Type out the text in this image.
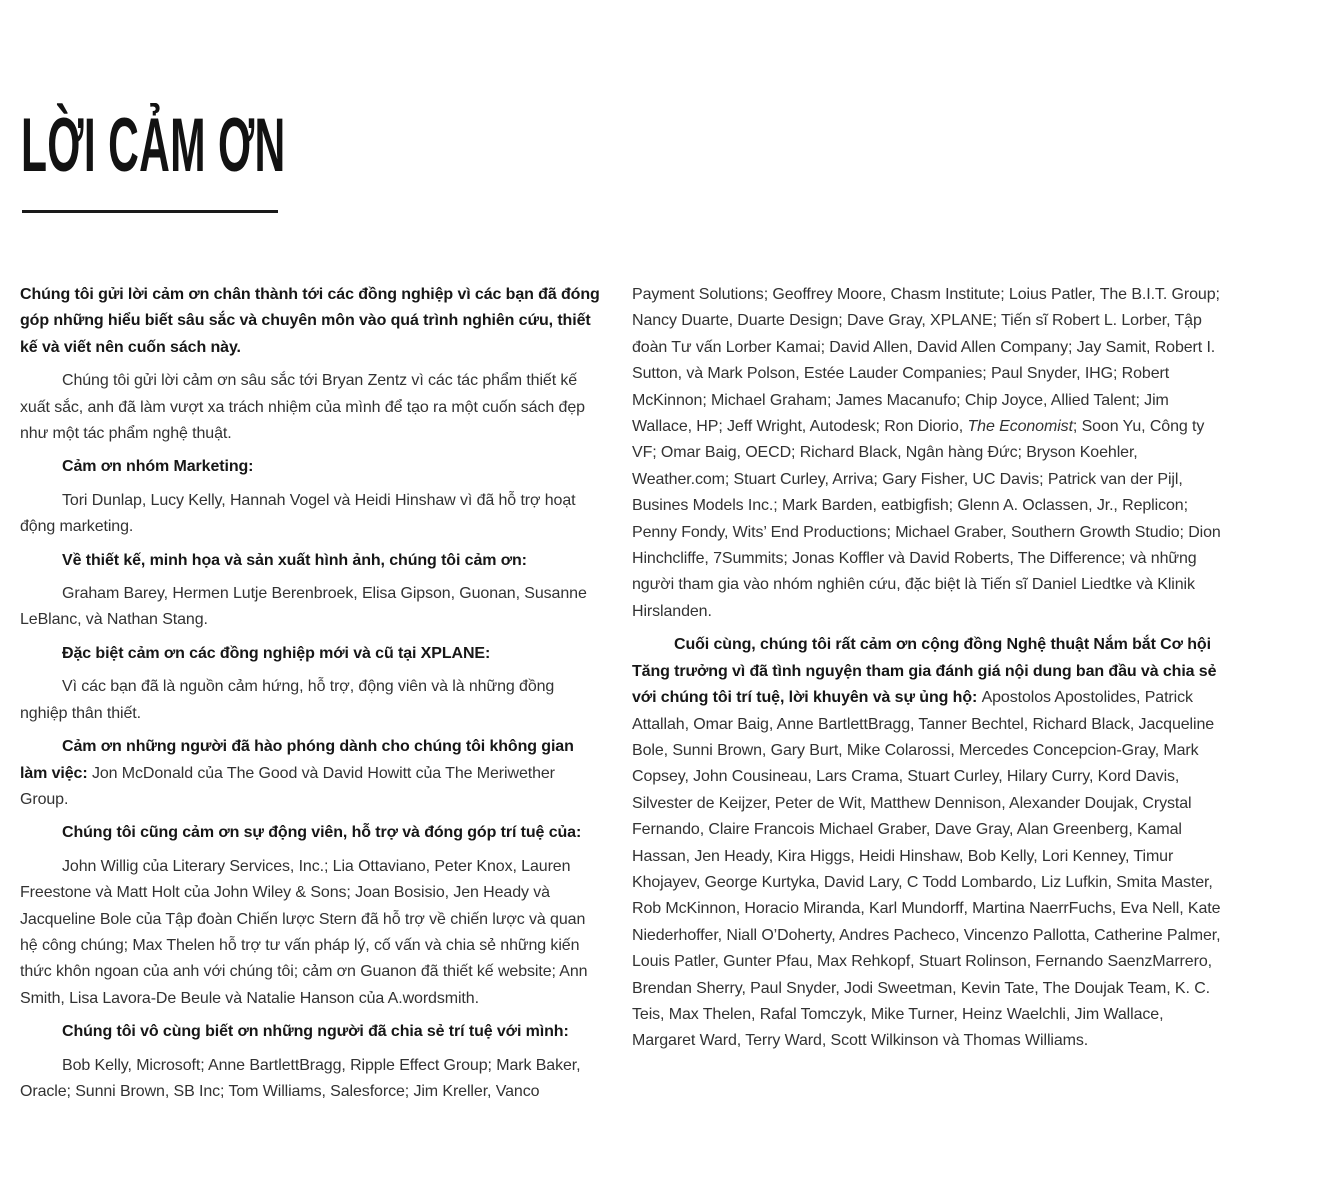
LỜI CẢM ƠN

Chúng tôi gửi lời cảm ơn chân thành tới các đồng nghiệp vì các bạn đã đóng góp những hiểu biết sâu sắc và chuyên môn vào quá trình nghiên cứu, thiết kế và viết nên cuốn sách này.

Chúng tôi gửi lời cảm ơn sâu sắc tới Bryan Zentz vì các tác phẩm thiết kế xuất sắc, anh đã làm vượt xa trách nhiệm của mình để tạo ra một cuốn sách đẹp như một tác phẩm nghệ thuật.

Cảm ơn nhóm Marketing:

Tori Dunlap, Lucy Kelly, Hannah Vogel và Heidi Hinshaw vì đã hỗ trợ hoạt động marketing.

Về thiết kế, minh họa và sản xuất hình ảnh, chúng tôi cảm ơn:

Graham Barey, Hermen Lutje Berenbroek, Elisa Gipson, Guonan, Susanne LeBlanc, và Nathan Stang.

Đặc biệt cảm ơn các đồng nghiệp mới và cũ tại XPLANE:

Vì các bạn đã là nguồn cảm hứng, hỗ trợ, động viên và là những đồng nghiệp thân thiết.

Cảm ơn những người đã hào phóng dành cho chúng tôi không gian làm việc: Jon McDonald của The Good và David Howitt của The Meriwether Group.

Chúng tôi cũng cảm ơn sự động viên, hỗ trợ và đóng góp trí tuệ của:

John Willig của Literary Services, Inc.; Lia Ottaviano, Peter Knox, Lauren Freestone và Matt Holt của John Wiley & Sons; Joan Bosisio, Jen Heady và Jacqueline Bole của Tập đoàn Chiến lược Stern đã hỗ trợ về chiến lược và quan hệ công chúng; Max Thelen hỗ trợ tư vấn pháp lý, cố vấn và chia sẻ những kiến thức khôn ngoan của anh với chúng tôi; cảm ơn Guanon đã thiết kế website; Ann Smith, Lisa Lavora-De Beule và Natalie Hanson của A.wordsmith.

Chúng tôi vô cùng biết ơn những người đã chia sẻ trí tuệ với mình:

Bob Kelly, Microsoft; Anne BartlettBragg, Ripple Effect Group; Mark Baker, Oracle; Sunni Brown, SB Inc; Tom Williams, Salesforce; Jim Kreller, Vanco

Payment Solutions; Geoffrey Moore, Chasm Institute; Loius Patler, The B.I.T. Group; Nancy Duarte, Duarte Design; Dave Gray, XPLANE; Tiến sĩ Robert L. Lorber, Tập đoàn Tư vấn Lorber Kamai; David Allen, David Allen Company; Jay Samit, Robert I. Sutton, và Mark Polson, Estée Lauder Companies; Paul Snyder, IHG; Robert McKinnon; Michael Graham; James Macanufo; Chip Joyce, Allied Talent; Jim Wallace, HP; Jeff Wright, Autodesk; Ron Diorio, The Economist; Soon Yu, Công ty VF; Omar Baig, OECD; Richard Black, Ngân hàng Đức; Bryson Koehler, Weather.com; Stuart Curley, Arriva; Gary Fisher, UC Davis; Patrick van der Pijl, Busines Models Inc.; Mark Barden, eatbigfish; Glenn A. Oclassen, Jr., Replicon; Penny Fondy, Wits’ End Productions; Michael Graber, Southern Growth Studio; Dion Hinchcliffe, 7Summits; Jonas Koffler và David Roberts, The Difference; và những người tham gia vào nhóm nghiên cứu, đặc biệt là Tiến sĩ Daniel Liedtke và Klinik Hirslanden.

Cuối cùng, chúng tôi rất cảm ơn cộng đồng Nghệ thuật Nắm bắt Cơ hội Tăng trưởng vì đã tình nguyện tham gia đánh giá nội dung ban đầu và chia sẻ với chúng tôi trí tuệ, lời khuyên và sự ủng hộ: Apostolos Apostolides, Patrick Attallah, Omar Baig, Anne BartlettBragg, Tanner Bechtel, Richard Black, Jacqueline Bole, Sunni Brown, Gary Burt, Mike Colarossi, Mercedes Concepcion-Gray, Mark Copsey, John Cousineau, Lars Crama, Stuart Curley, Hilary Curry, Kord Davis, Silvester de Keijzer, Peter de Wit, Matthew Dennison, Alexander Doujak, Crystal Fernando, Claire Francois Michael Graber, Dave Gray, Alan Greenberg, Kamal Hassan, Jen Heady, Kira Higgs, Heidi Hinshaw, Bob Kelly, Lori Kenney, Timur Khojayev, George Kurtyka, David Lary, C Todd Lombardo, Liz Lufkin, Smita Master, Rob McKinnon, Horacio Miranda, Karl Mundorff, Martina NaerrFuchs, Eva Nell, Kate Niederhoffer, Niall O’Doherty, Andres Pacheco, Vincenzo Pallotta, Catherine Palmer, Louis Patler, Gunter Pfau, Max Rehkopf, Stuart Rolinson, Fernando SaenzMarrero, Brendan Sherry, Paul Snyder, Jodi Sweetman, Kevin Tate, The Doujak Team, K. C. Teis, Max Thelen, Rafal Tomczyk, Mike Turner, Heinz Waelchli, Jim Wallace, Margaret Ward, Terry Ward, Scott Wilkinson và Thomas Williams.
